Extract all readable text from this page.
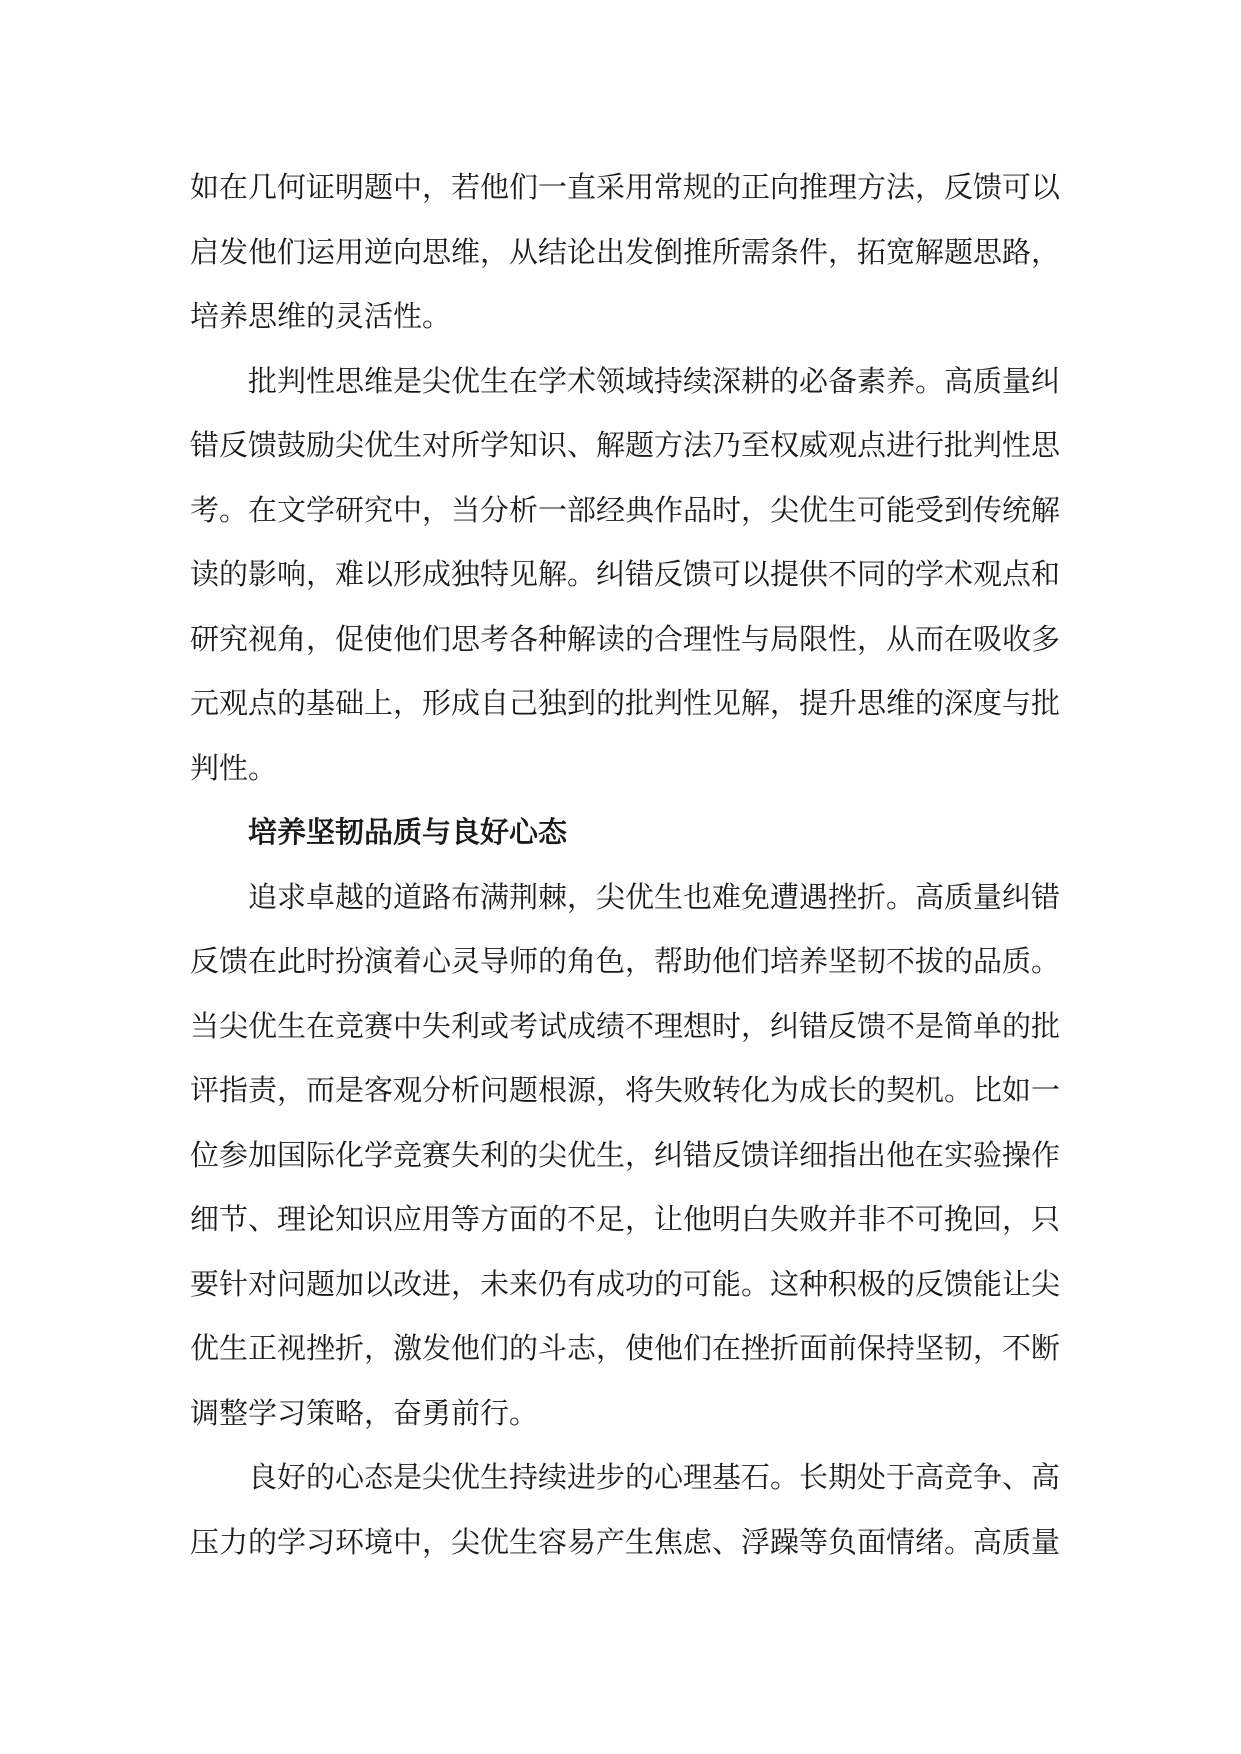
如在几何证明题中，若他们一直采用常规的正向推理方法，反馈可以启发他们运用逆向思维，从结论出发倒推所需条件，拓宽解题思路，培养思维的灵活性。

批判性思维是尖优生在学术领域持续深耕的必备素养。高质量纠错反馈鼓励尖优生对所学知识、解题方法乃至权威观点进行批判性思考。在文学研究中，当分析一部经典作品时，尖优生可能受到传统解读的影响，难以形成独特见解。纠错反馈可以提供不同的学术观点和研究视角，促使他们思考各种解读的合理性与局限性，从而在吸收多元观点的基础上，形成自己独到的批判性见解，提升思维的深度与批判性。

培养坚韧品质与良好心态

追求卓越的道路布满荆棘，尖优生也难免遭遇挫折。高质量纠错反馈在此时扮演着心灵导师的角色，帮助他们培养坚韧不拔的品质。当尖优生在竞赛中失利或考试成绩不理想时，纠错反馈不是简单的批评指责，而是客观分析问题根源，将失败转化为成长的契机。比如一位参加国际化学竞赛失利的尖优生，纠错反馈详细指出他在实验操作细节、理论知识应用等方面的不足，让他明白失败并非不可挽回，只要针对问题加以改进，未来仍有成功的可能。这种积极的反馈能让尖优生正视挫折，激发他们的斗志，使他们在挫折面前保持坚韧，不断调整学习策略，奋勇前行。

良好的心态是尖优生持续进步的心理基石。长期处于高竞争、高压力的学习环境中，尖优生容易产生焦虑、浮躁等负面情绪。高质量
